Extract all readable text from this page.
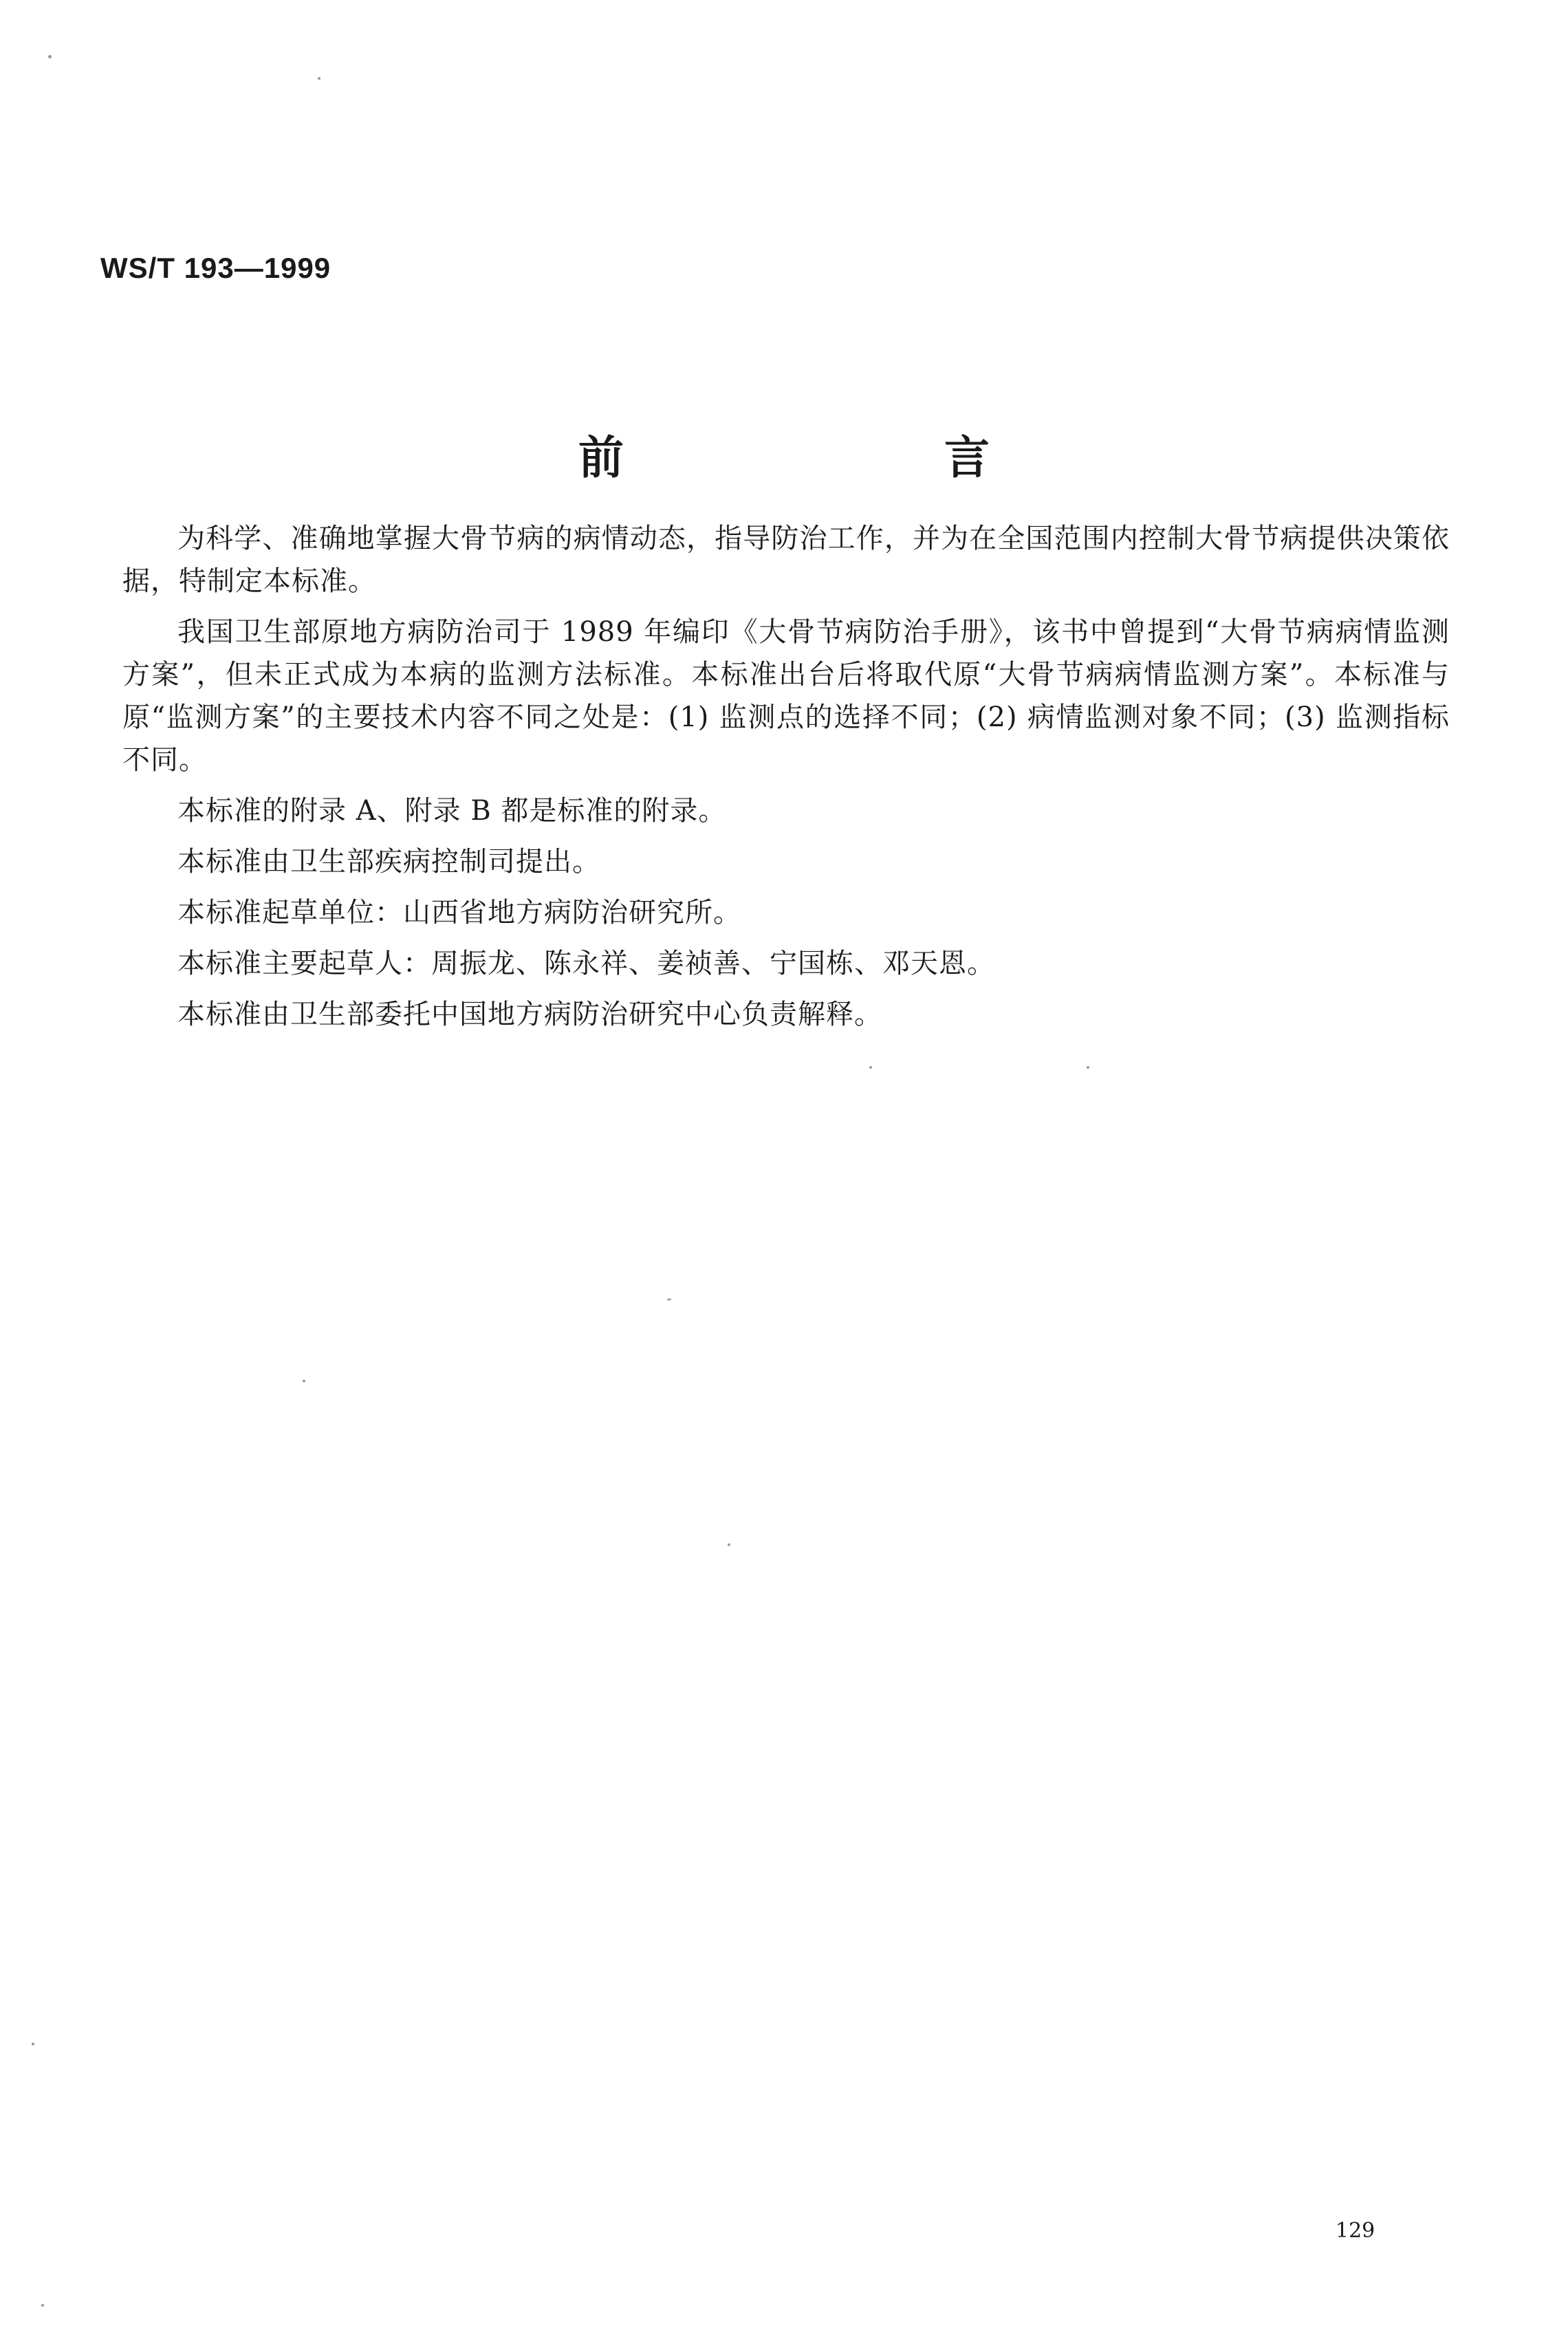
WS/T 193—1999

前　言

为科学、准确地掌握大骨节病的病情动态，指导防治工作，并为在全国范围内控制大骨节病提供决策依据，特制定本标准。

我国卫生部原地方病防治司于 1989 年编印《大骨节病防治手册》，该书中曾提到“大骨节病病情监测方案”，但未正式成为本病的监测方法标准。本标准出台后将取代原“大骨节病病情监测方案”。本标准与原“监测方案”的主要技术内容不同之处是：(1) 监测点的选择不同；(2) 病情监测对象不同；(3) 监测指标不同。

本标准的附录 A、附录 B 都是标准的附录。

本标准由卫生部疾病控制司提出。

本标准起草单位：山西省地方病防治研究所。

本标准主要起草人：周振龙、陈永祥、姜祯善、宁国栋、邓天恩。

本标准由卫生部委托中国地方病防治研究中心负责解释。

129
